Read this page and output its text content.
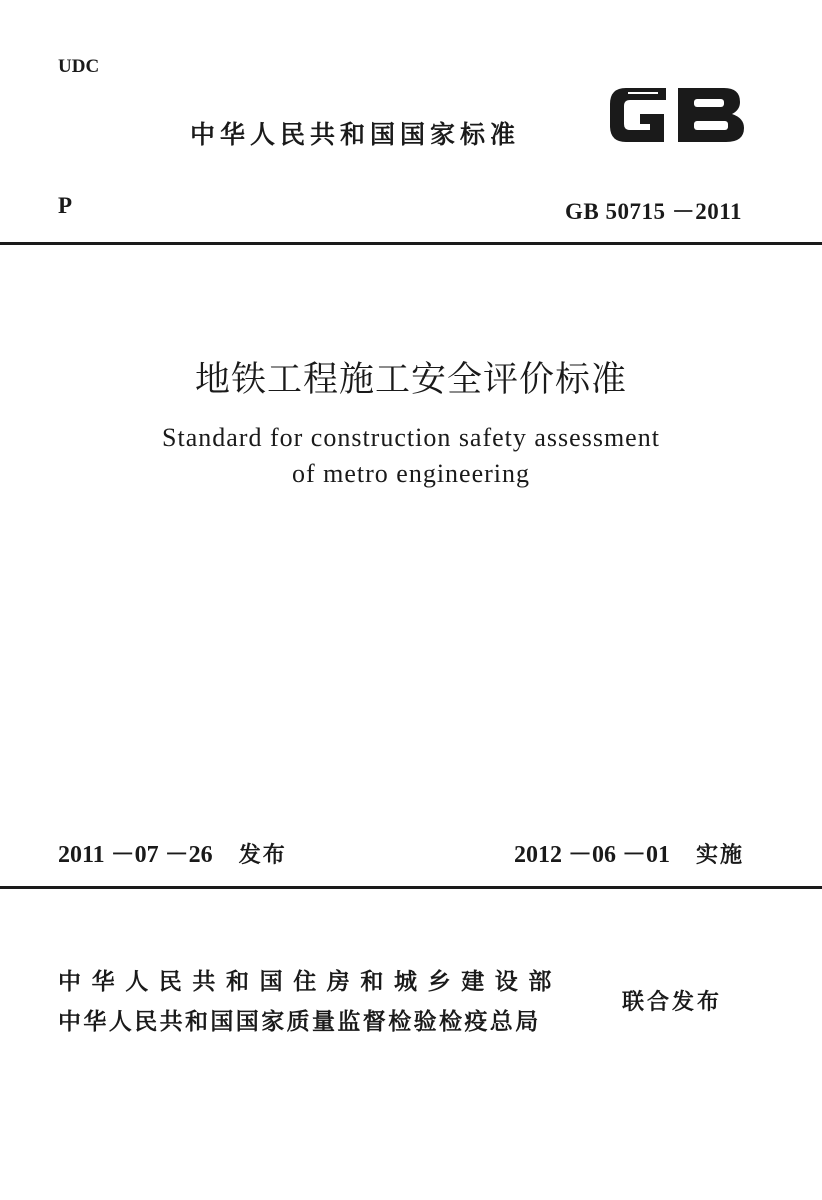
UDC
中华人民共和国国家标准
P	GB 50715 －2011
地铁工程施工安全评价标准
Standard for construction safety assessment
of metro engineering
2011 －07 －26 发布	2012 －06 －01 实施
中华人民共和国住房和城乡建设部
中华人民共和国国家质量监督检验检疫总局
联合发布
